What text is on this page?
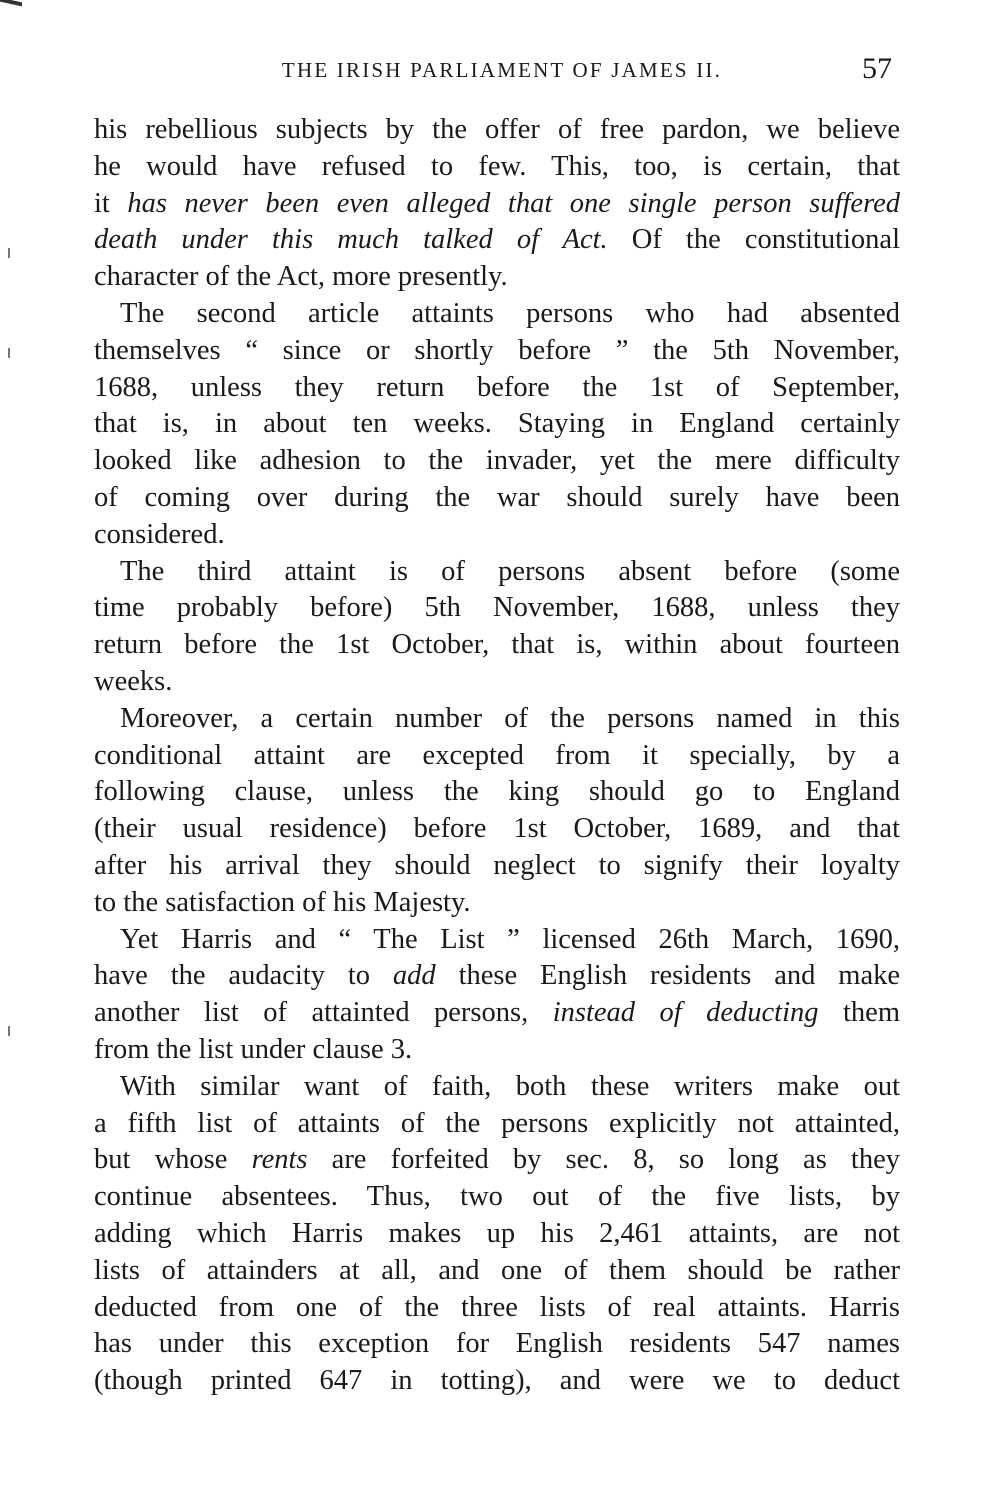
THE IRISH PARLIAMENT OF JAMES II.	57
his rebellious subjects by the offer of free pardon, we believe
he would have refused to few. This, too, is certain, that
it has never been even alleged that one single person suffered
death under this much talked of Act. Of the constitutional
character of the Act, more presently.
The second article attaints persons who had absented
themselves “ since or shortly before ” the 5th November,
1688, unless they return before the 1st of September,
that is, in about ten weeks. Staying in England certainly
looked like adhesion to the invader, yet the mere difficulty
of coming over during the war should surely have been
considered.
The third attaint is of persons absent before (some
time probably before) 5th November, 1688, unless they
return before the 1st October, that is, within about fourteen
weeks.
Moreover, a certain number of the persons named in this
conditional attaint are excepted from it specially, by a
following clause, unless the king should go to England
(their usual residence) before 1st October, 1689, and that
after his arrival they should neglect to signify their loyalty
to the satisfaction of his Majesty.
Yet Harris and “ The List ” licensed 26th March, 1690,
have the audacity to add these English residents and make
another list of attainted persons, instead of deducting them
from the list under clause 3.
With similar want of faith, both these writers make out
a fifth list of attaints of the persons explicitly not attainted,
but whose rents are forfeited by sec. 8, so long as they
continue absentees. Thus, two out of the five lists, by
adding which Harris makes up his 2,461 attaints, are not
lists of attainders at all, and one of them should be rather
deducted from one of the three lists of real attaints. Harris
has under this exception for English residents 547 names
(though printed 647 in totting), and were we to deduct
